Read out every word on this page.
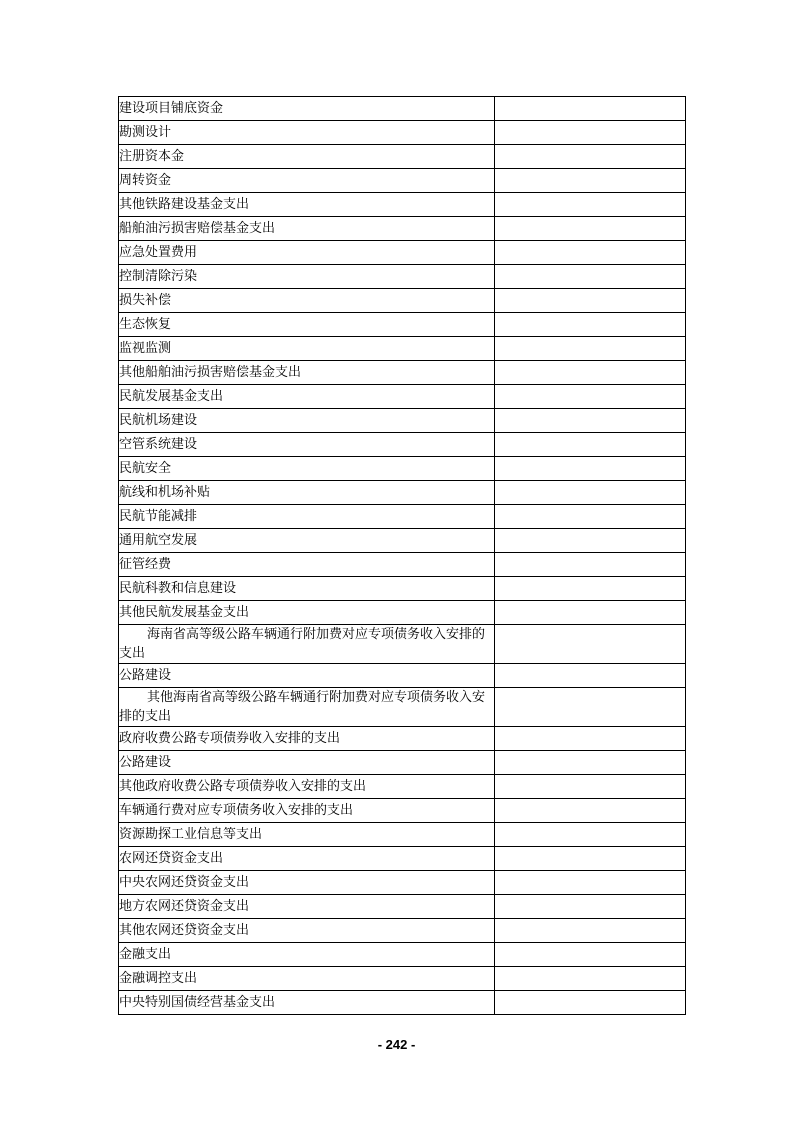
建设项目铺底资金	
勘测设计	
注册资本金	
周转资金	
其他铁路建设基金支出	
船舶油污损害赔偿基金支出	
应急处置费用	
控制清除污染	
损失补偿	
生态恢复	
监视监测	
其他船舶油污损害赔偿基金支出	
民航发展基金支出	
民航机场建设	
空管系统建设	
民航安全	
航线和机场补贴	
民航节能减排	
通用航空发展	
征管经费	
民航科教和信息建设	
其他民航发展基金支出	
海南省高等级公路车辆通行附加费对应专项债务收入安排的支出	
公路建设	
其他海南省高等级公路车辆通行附加费对应专项债务收入安排的支出	
政府收费公路专项债券收入安排的支出	
公路建设	
其他政府收费公路专项债券收入安排的支出	
车辆通行费对应专项债务收入安排的支出	
资源勘探工业信息等支出	
农网还贷资金支出	
中央农网还贷资金支出	
地方农网还贷资金支出	
其他农网还贷资金支出	
金融支出	
金融调控支出	
中央特别国债经营基金支出	
- 242 -
